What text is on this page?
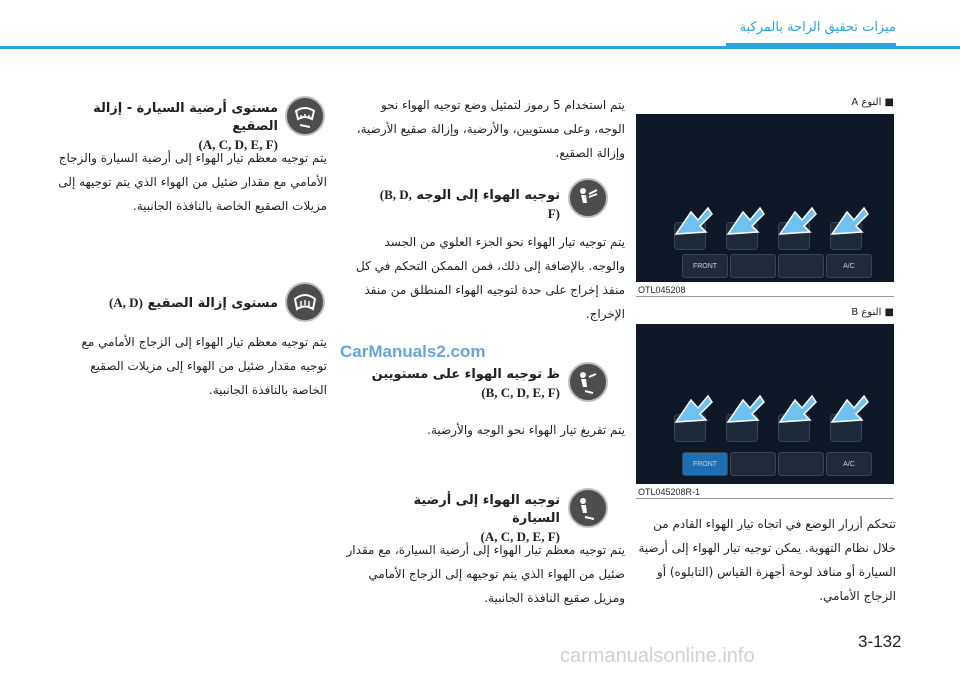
ميزات تحقيق الراحة بالمركبة
يتم استخدام 5 رموز لتمثيل وضع توجيه الهواء نحو الوجه، وعلى مستويين، والأرضية، وإزالة صقيع الأرضية، وإزالة الصقيع.
توجيه الهواء إلى الوجه (B, D, F)
يتم توجيه تيار الهواء نحو الجزء العلوي من الجسد والوجه. بالإضافة إلى ذلك، فمن الممكن التحكم في كل منفذ إخراج على حدة لتوجيه الهواء المنطلق من منفذ الإخراج.
ظ توجيه الهواء على مستويين
(B, C, D, E, F)
يتم تفريغ تيار الهواء نحو الوجه والأرضية.
توجيه الهواء إلى أرضية السيارة
(A, C, D, E, F)
يتم توجيه معظم تيار الهواء إلى أرضية السيارة، مع مقدار ضئيل من الهواء الذي يتم توجيهه إلى الزجاج الأمامي ومزيل صقيع النافذة الجانبية.
مستوى أرضية السيارة - إزالة الصقيع
(A, C, D, E, F)
يتم توجيه معظم تيار الهواء إلى أرضية السيارة والزجاج الأمامي مع مقدار ضئيل من الهواء الذي يتم توجيهه إلى مزيلات الصقيع الخاصة بالنافذة الجانبية.
مستوى إزالة الصقيع (A, D)
يتم توجيه معظم تيار الهواء إلى الزجاج الأمامي مع توجيه مقدار ضئيل من الهواء إلى مزيلات الصقيع الخاصة بالنافذة الجانبية.
CarManuals2.com
■ النوع A
FRONT	A/C
OTL045208
■ النوع B
FRONT	A/C
OTL045208R-1
تتحكم أزرار الوضع في اتجاه تيار الهواء القادم من خلال نظام التهوية. يمكن توجيه تيار الهواء إلى أرضية السيارة أو منافذ لوحة أجهزة القياس (التابلوه) أو الزجاج الأمامي.
3-132
carmanualsonline.info
